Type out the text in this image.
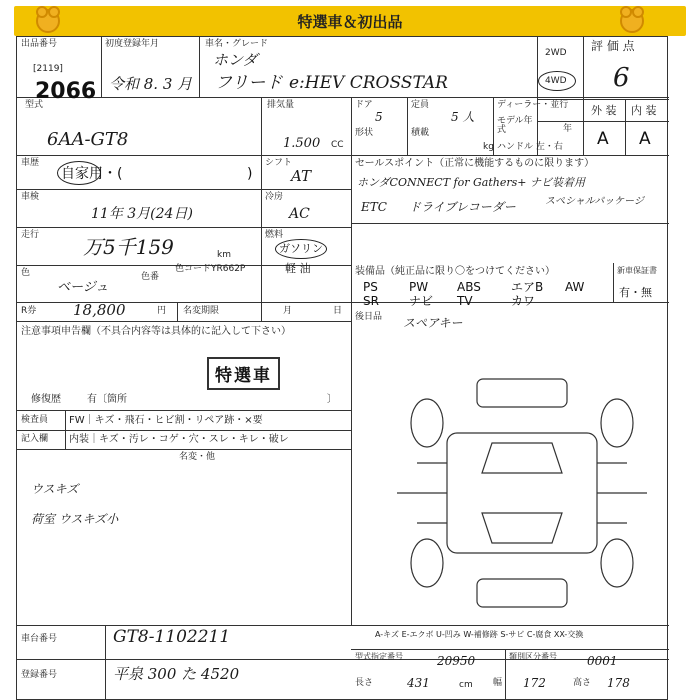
特選車＆初出品
出品番号
[2119]
2066
初度登録年月
令和 8. 3 月
車名・グレード
ホンダ
フリード e:HEV CROSSTAR
2WD
4WD
評 価 点
6
型式
6AA-GT8
排気量
1.500 CC
ドア
5
定員
5 人
形状	積載
kg
ディーラー・並行
モデル年式	年
ハンドル 左・右
外 装 内 装
A A
車歴
自家用・(	)
シフト
AT
セールスポイント（正常に機能するものに限ります）
ホンダCONNECT for Gathers+ ナビ装着用
ETC ドライブレコーダー	スペシャルパッケージ
車検
11年 3月(24日)
冷房
AC
走行 万5千159	km
燃料
ガソリン
軽 油
色
ベージュ
色番
色コードYR662P	装備品（純正品に限り〇をつけてください）
PS	PW ABS	エアB AW
SR	ナビ TV	カワ
新車保証書
有・無
R券 18,800	円 名変期限	月	日
後日品 スペアキー
注意事項申告欄（不具合内容等は具体的に記入して下さい）
特選車
修復歴	有〔箇所	〕
検査員
記入欄
FW｜キズ・飛石・ヒビ割・リペア跡・×要
内装｜キズ・汚レ・コゲ・穴・スレ・キレ・破レ
ウスキズ
荷室 ウスキズ小
名変・他
A-キズ E-エクボ U-凹み W-補修跡 S-サビ C-腐食 XX-交換
車台番号	GT8-1102211
登録番号	平泉 300 た 4520
型式指定番号	20950	類別区分番号	0001
長さ	431	cm 幅 172	高さ 178
